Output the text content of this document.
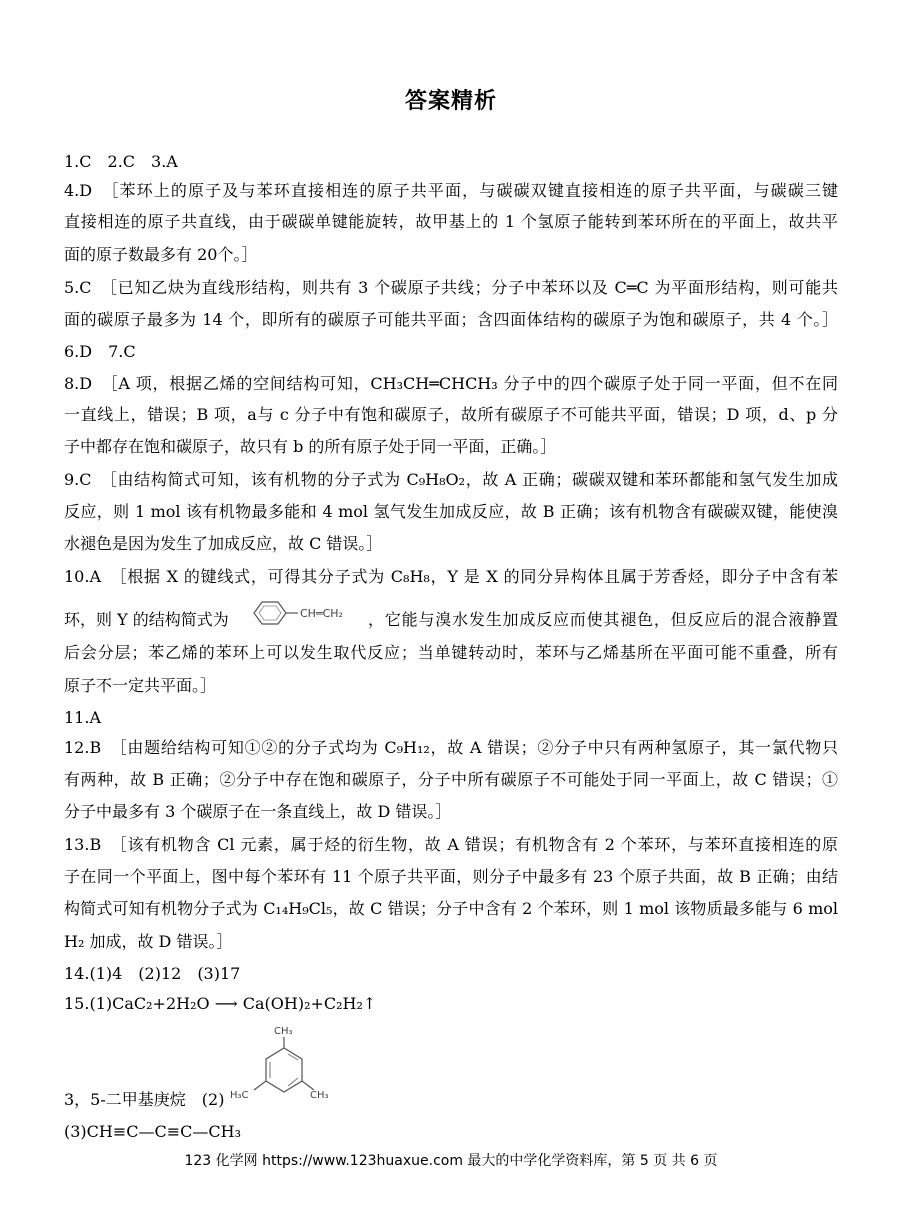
答案精析
1.C　2.C　3.A
4.D　［苯环上的原子及与苯环直接相连的原子共平面，与碳碳双键直接相连的原子共平面，与碳碳三键
直接相连的原子共直线，由于碳碳单键能旋转，故甲基上的 1 个氢原子能转到苯环所在的平面上，故共平
面的原子数最多有 20个。］
5.C　［已知乙炔为直线形结构，则共有 3 个碳原子共线；分子中苯环以及 C═C 为平面形结构，则可能共
面的碳原子最多为 14 个，即所有的碳原子可能共平面；含四面体结构的碳原子为饱和碳原子，共 4 个。］
6.D　7.C
8.D　［A 项，根据乙烯的空间结构可知，CH₃CH═CHCH₃ 分子中的四个碳原子处于同一平面，但不在同
一直线上，错误；B 项，a与 c 分子中有饱和碳原子，故所有碳原子不可能共平面，错误；D 项，d、p 分
子中都存在饱和碳原子，故只有 b 的所有原子处于同一平面，正确。］
9.C　［由结构简式可知，该有机物的分子式为 C₉H₈O₂，故 A 正确；碳碳双键和苯环都能和氢气发生加成
反应，则 1 mol 该有机物最多能和 4 mol 氢气发生加成反应，故 B 正确；该有机物含有碳碳双键，能使溴
水褪色是因为发生了加成反应，故 C 错误。］
10.A　［根据 X 的键线式，可得其分子式为 C₈H₈，Y 是 X 的同分异构体且属于芳香烃，即分子中含有苯
环，则 Y 的结构简式为	CH═CH₂ ，它能与溴水发生加成反应而使其褪色，但反应后的混合液静置
后会分层；苯乙烯的苯环上可以发生取代反应；当单键转动时，苯环与乙烯基所在平面可能不重叠，所有
原子不一定共平面。］
11.A
12.B　［由题给结构可知①②的分子式均为 C₉H₁₂，故 A 错误；②分子中只有两种氢原子，其一氯代物只
有两种，故 B 正确；②分子中存在饱和碳原子，分子中所有碳原子不可能处于同一平面上，故 C 错误；①
分子中最多有 3 个碳原子在一条直线上，故 D 错误。］
13.B　［该有机物含 Cl 元素，属于烃的衍生物，故 A 错误；有机物含有 2 个苯环，与苯环直接相连的原
子在同一个平面上，图中每个苯环有 11 个原子共平面，则分子中最多有 23 个原子共面，故 B 正确；由结
构简式可知有机物分子式为 C₁₄H₉Cl₅，故 C 错误；分子中含有 2 个苯环，则 1 mol 该物质最多能与 6 mol
H₂ 加成，故 D 错误。］
14.(1)4　(2)12　(3)17
15.(1)CaC₂+2H₂O ⟶ Ca(OH)₂+C₂H₂↑
CH₃
H₃C	CH₃
3，5-二甲基庚烷　(2)
(3)CH≡C—C≡C—CH₃
123 化学网 https://www.123huaxue.com 最大的中学化学资料库，第 5 页 共 6 页
